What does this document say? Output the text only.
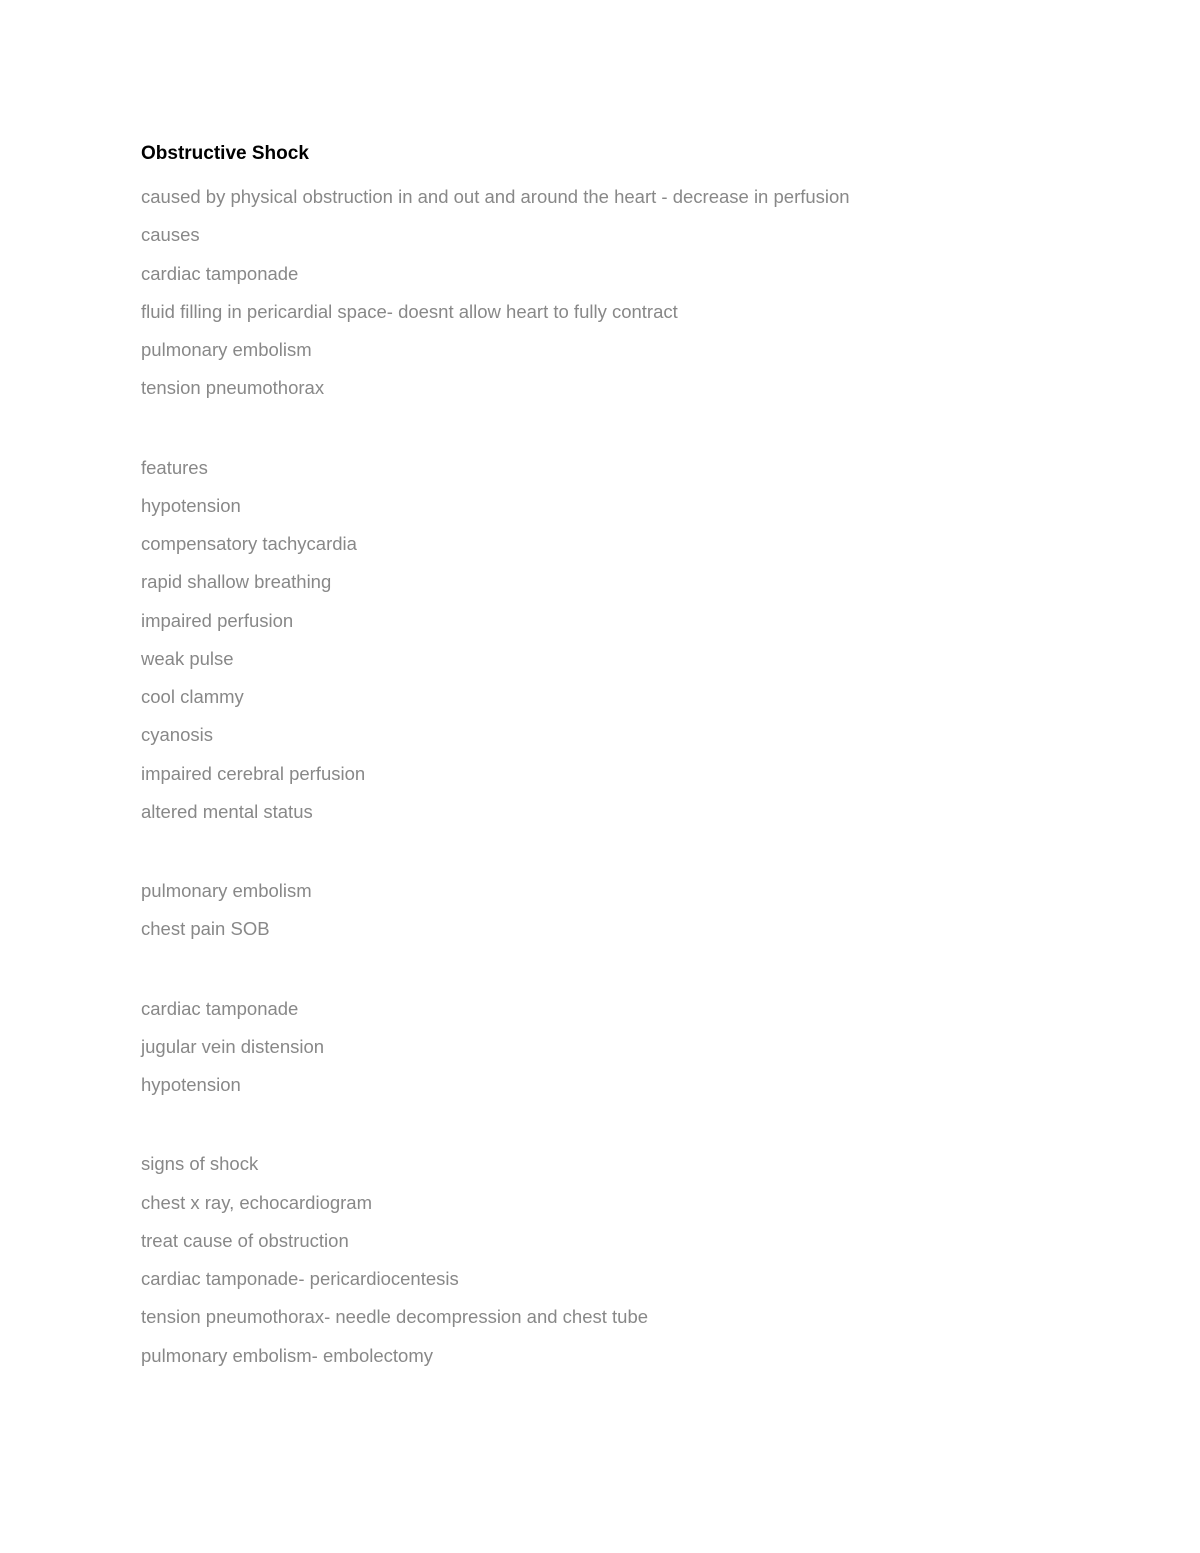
Obstructive Shock
caused by physical obstruction in and out and around the heart - decrease in perfusion
causes
cardiac tamponade
fluid filling in pericardial space- doesnt allow heart to fully contract
pulmonary embolism
tension pneumothorax
features
hypotension
compensatory tachycardia
rapid shallow breathing
impaired perfusion
weak pulse
cool clammy
cyanosis
impaired cerebral perfusion
altered mental status
pulmonary embolism
chest pain SOB
cardiac tamponade
jugular vein distension
hypotension
signs of shock
chest x ray, echocardiogram
treat cause of obstruction
cardiac tamponade- pericardiocentesis
tension pneumothorax- needle decompression and chest tube
pulmonary embolism- embolectomy
